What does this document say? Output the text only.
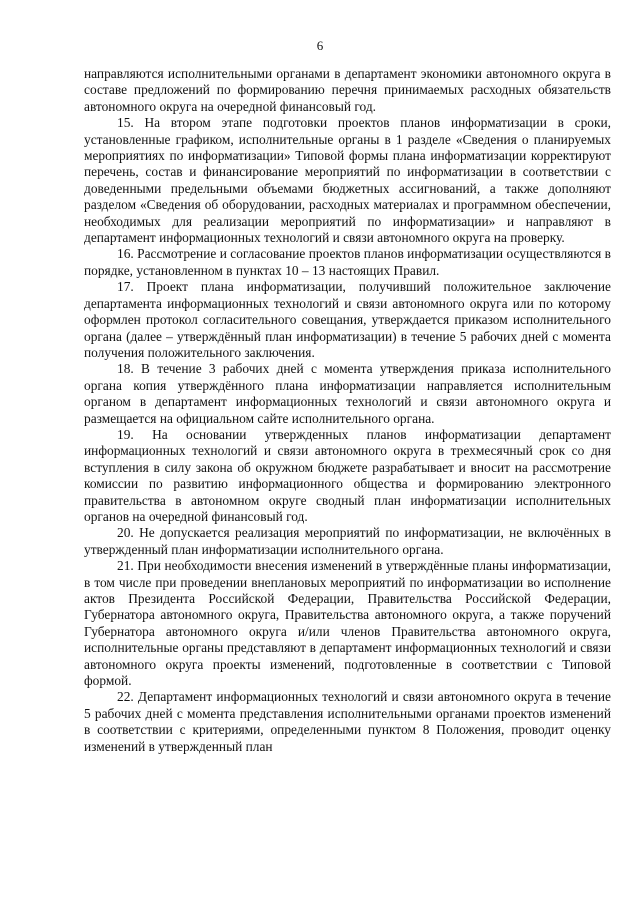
6

направляются исполнительными органами в департамент экономики автономного округа в составе предложений по формированию перечня принимаемых расходных обязательств автономного округа на очередной финансовый год.

15. На втором этапе подготовки проектов планов информатизации в сроки, установленные графиком, исполнительные органы в 1 разделе «Сведения о планируемых мероприятиях по информатизации» Типовой формы плана информатизации корректируют перечень, состав и финансирование мероприятий по информатизации в соответствии с доведенными предельными объемами бюджетных ассигнований, а также дополняют разделом «Сведения об оборудовании, расходных материалах и программном обеспечении, необходимых для реализации мероприятий по информатизации» и направляют в департамент информационных технологий и связи автономного округа на проверку.

16. Рассмотрение и согласование проектов планов информатизации осуществляются в порядке, установленном в пунктах 10 – 13 настоящих Правил.

17. Проект плана информатизации, получивший положительное заключение департамента информационных технологий и связи автономного округа или по которому оформлен протокол согласительного совещания, утверждается приказом исполнительного органа (далее – утверждённый план информатизации) в течение 5 рабочих дней с момента получения положительного заключения.

18. В течение 3 рабочих дней с момента утверждения приказа исполнительного органа копия утверждённого плана информатизации направляется исполнительным органом в департамент информационных технологий и связи автономного округа и размещается на официальном сайте исполнительного органа.

19. На основании утвержденных планов информатизации департамент информационных технологий и связи автономного округа в трехмесячный срок со дня вступления в силу закона об окружном бюджете разрабатывает и вносит на рассмотрение комиссии по развитию информационного общества и формированию электронного правительства в автономном округе сводный план информатизации исполнительных органов на очередной финансовый год.

20. Не допускается реализация мероприятий по информатизации, не включённых в утвержденный план информатизации исполнительного органа.

21. При необходимости внесения изменений в утверждённые планы информатизации, в том числе при проведении внеплановых мероприятий по информатизации во исполнение актов Президента Российской Федерации, Правительства Российской Федерации, Губернатора автономного округа, Правительства автономного округа, а также поручений Губернатора автономного округа и/или членов Правительства автономного округа, исполнительные органы представляют в департамент информационных технологий и связи автономного округа проекты изменений, подготовленные в соответствии с Типовой формой.

22. Департамент информационных технологий и связи автономного округа в течение 5 рабочих дней с момента представления исполнительными органами проектов изменений в соответствии с критериями, определенными пунктом 8 Положения, проводит оценку изменений в утвержденный план
